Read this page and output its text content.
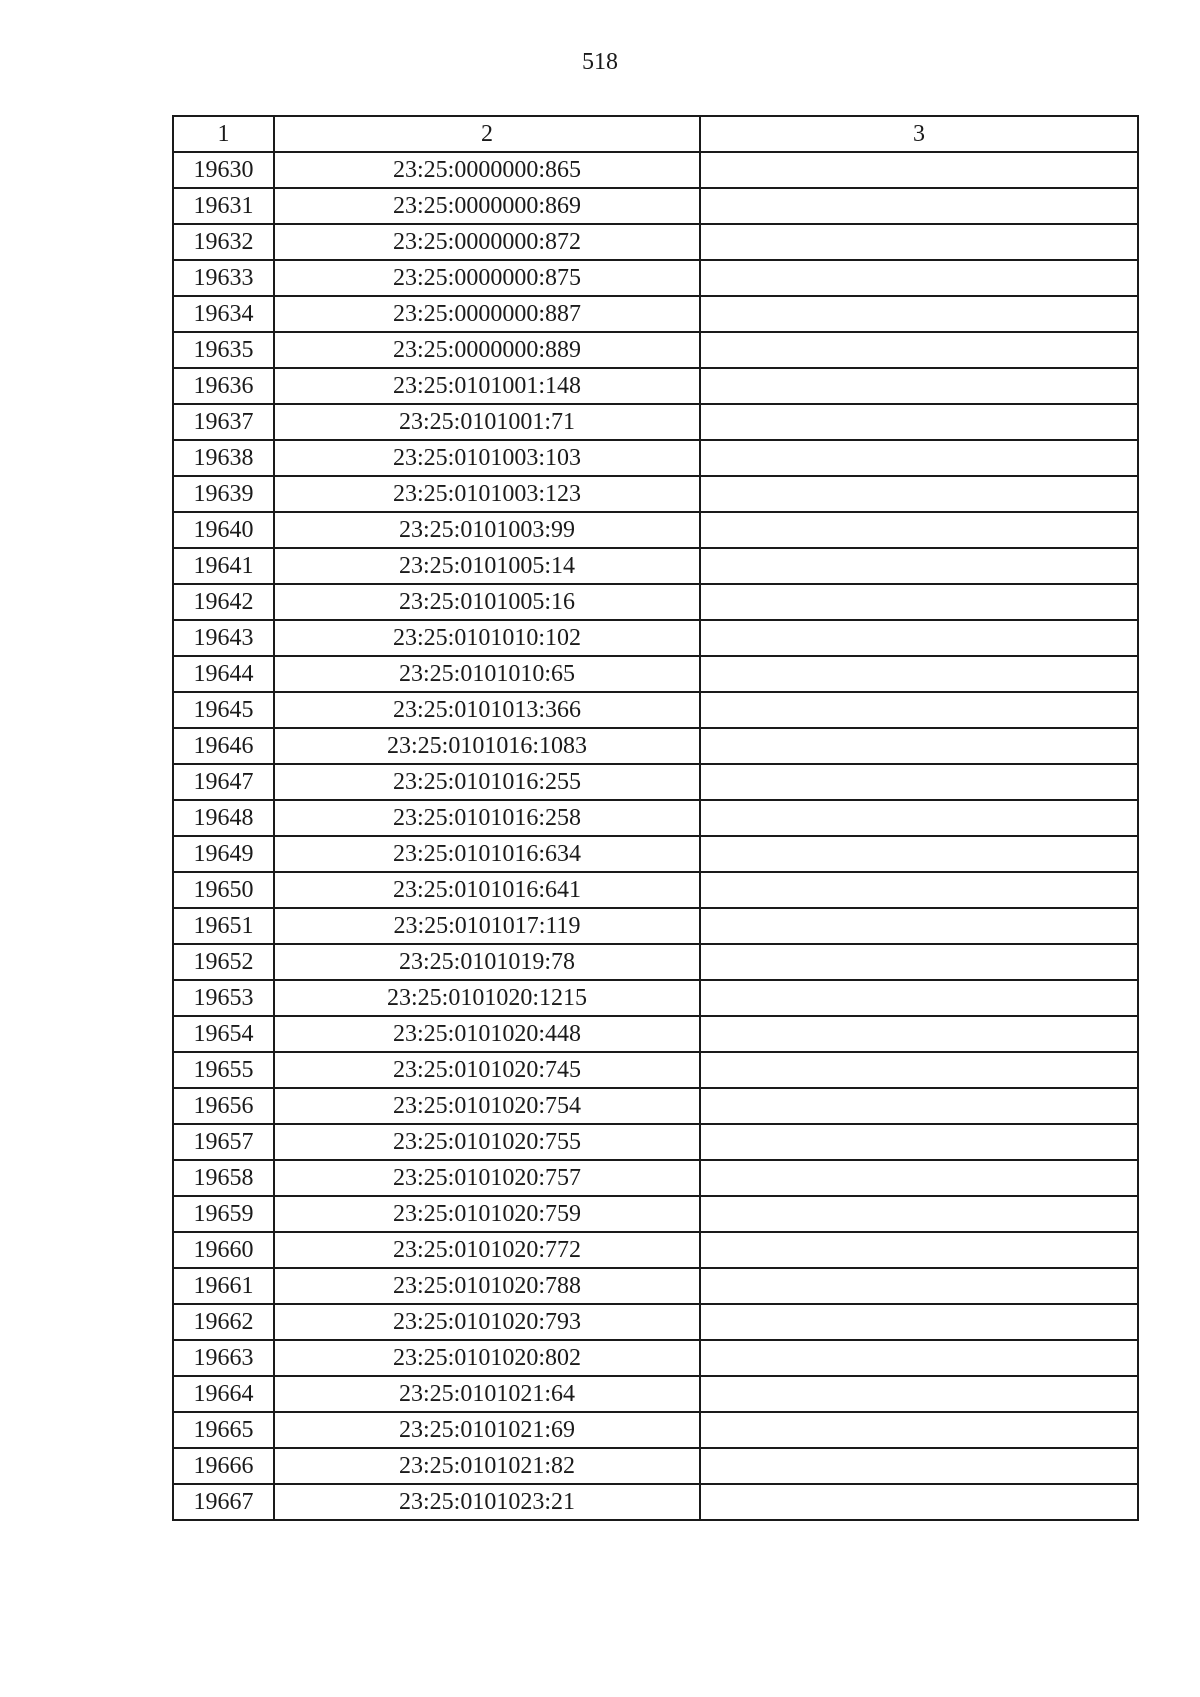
518
1	2	3
19630	23:25:0000000:865	
19631	23:25:0000000:869	
19632	23:25:0000000:872	
19633	23:25:0000000:875	
19634	23:25:0000000:887	
19635	23:25:0000000:889	
19636	23:25:0101001:148	
19637	23:25:0101001:71	
19638	23:25:0101003:103	
19639	23:25:0101003:123	
19640	23:25:0101003:99	
19641	23:25:0101005:14	
19642	23:25:0101005:16	
19643	23:25:0101010:102	
19644	23:25:0101010:65	
19645	23:25:0101013:366	
19646	23:25:0101016:1083	
19647	23:25:0101016:255	
19648	23:25:0101016:258	
19649	23:25:0101016:634	
19650	23:25:0101016:641	
19651	23:25:0101017:119	
19652	23:25:0101019:78	
19653	23:25:0101020:1215	
19654	23:25:0101020:448	
19655	23:25:0101020:745	
19656	23:25:0101020:754	
19657	23:25:0101020:755	
19658	23:25:0101020:757	
19659	23:25:0101020:759	
19660	23:25:0101020:772	
19661	23:25:0101020:788	
19662	23:25:0101020:793	
19663	23:25:0101020:802	
19664	23:25:0101021:64	
19665	23:25:0101021:69	
19666	23:25:0101021:82	
19667	23:25:0101023:21	
